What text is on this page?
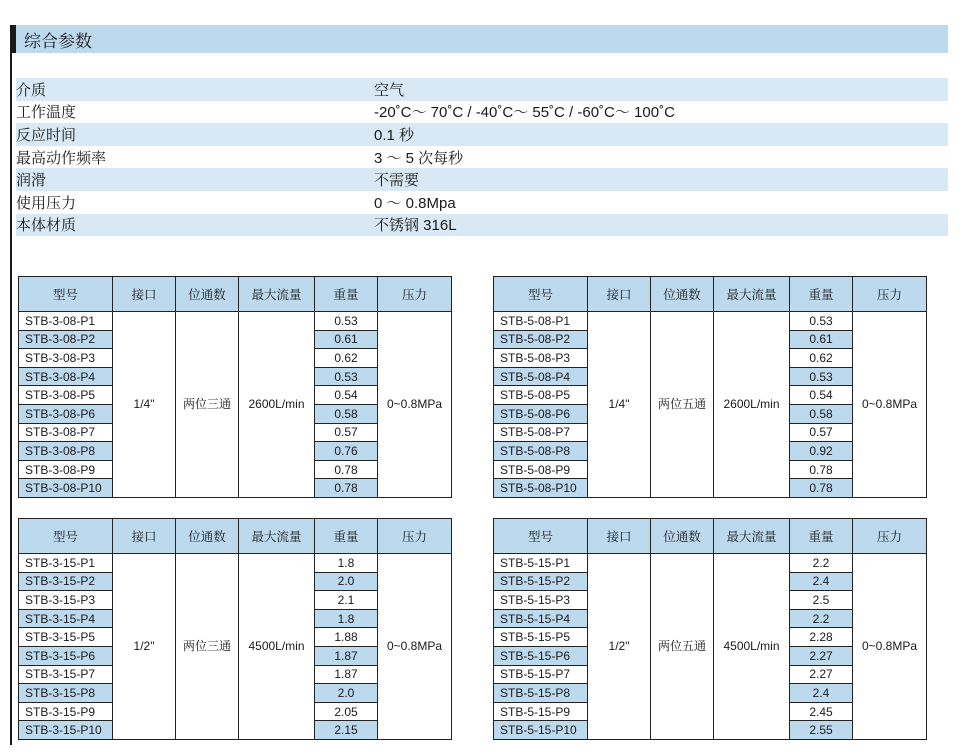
综合参数
介质	空气
工作温度	-20˚C～ 70˚C / -40˚C～ 55˚C / -60˚C～ 100˚C
反应时间	0.1 秒
最高动作频率	3 ～ 5 次每秒
润滑	不需要
使用压力	0 ～ 0.8Mpa
本体材质	不锈钢 316L
型号	接口	位通数	最大流量	重量	压力
STB-3-08-P1	1/4"	两位三通	2600L/min	0.53	0~0.8MPa
STB-3-08-P2				0.61	
STB-3-08-P3				0.62	
STB-3-08-P4				0.53	
STB-3-08-P5				0.54	
STB-3-08-P6				0.58	
STB-3-08-P7				0.57	
STB-3-08-P8				0.76	
STB-3-08-P9				0.78	
STB-3-08-P10				0.78	
型号	接口	位通数	最大流量	重量	压力
STB-5-08-P1	1/4"	两位五通	2600L/min	0.53	0~0.8MPa
STB-5-08-P2				0.61	
STB-5-08-P3				0.62	
STB-5-08-P4				0.53	
STB-5-08-P5				0.54	
STB-5-08-P6				0.58	
STB-5-08-P7				0.57	
STB-5-08-P8				0.92	
STB-5-08-P9				0.78	
STB-5-08-P10				0.78	
型号	接口	位通数	最大流量	重量	压力
STB-3-15-P1	1/2"	两位三通	4500L/min	1.8	0~0.8MPa
STB-3-15-P2				2.0	
STB-3-15-P3				2.1	
STB-3-15-P4				1.8	
STB-3-15-P5				1.88	
STB-3-15-P6				1.87	
STB-3-15-P7				1.87	
STB-3-15-P8				2.0	
STB-3-15-P9				2.05	
STB-3-15-P10				2.15	
型号	接口	位通数	最大流量	重量	压力
STB-5-15-P1	1/2"	两位五通	4500L/min	2.2	0~0.8MPa
STB-5-15-P2				2.4	
STB-5-15-P3				2.5	
STB-5-15-P4				2.2	
STB-5-15-P5				2.28	
STB-5-15-P6				2.27	
STB-5-15-P7				2.27	
STB-5-15-P8				2.4	
STB-5-15-P9				2.45	
STB-5-15-P10				2.55	
